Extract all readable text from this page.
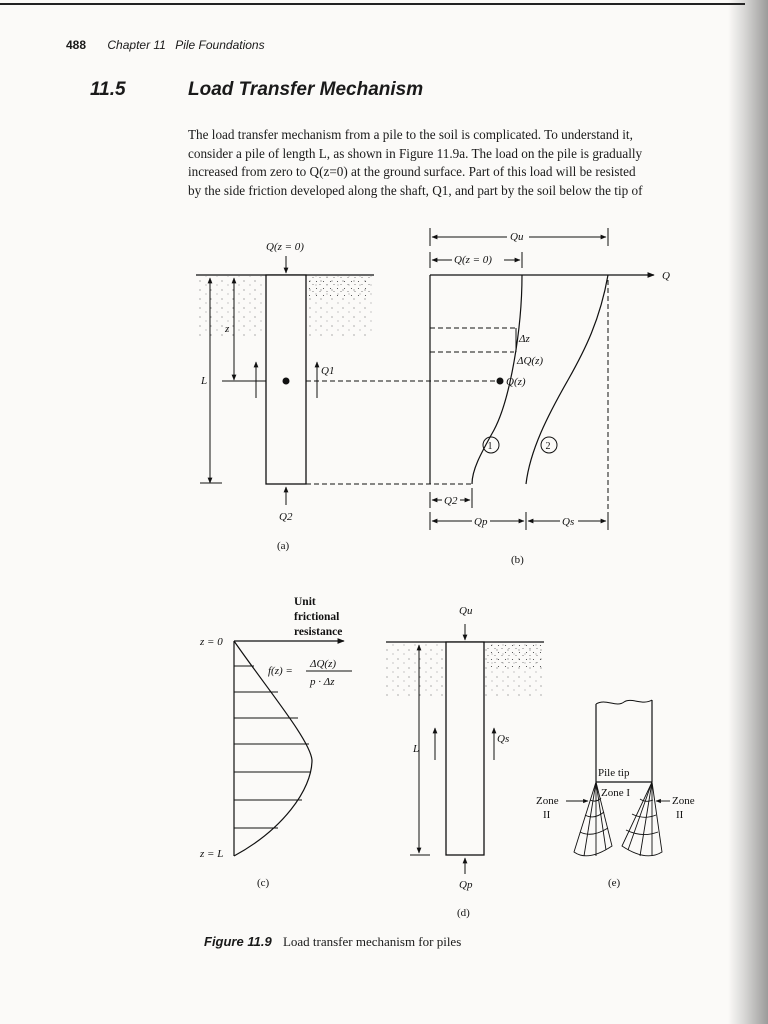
488 Chapter 11 Pile Foundations
11.5	Load Transfer Mechanism
The load transfer mechanism from a pile to the soil is complicated. To understand it,
consider a pile of length L, as shown in Figure 11.9a. The load on the pile is gradually
increased from zero to Q(z=0) at the ground surface. Part of this load will be resisted
by the side friction developed along the shaft, Q1, and part by the soil below the tip of
Q(z = 0)
L
z
Q1
Q2
(a)
Qu
Q(z = 0)
Q
Δz
ΔQ(z)
Q(z)
1	2
Q2
Qp	Qs
(b)
Unit
frictional
resistance
z = 0
z = L
f(z) =
ΔQ(z)
p · Δz
(c)
Qu
L
Qs
Qp
(d)
Pile tip
Zone I
Zone
II
Zone
II
(e)
Figure 11.9 Load transfer mechanism for piles
